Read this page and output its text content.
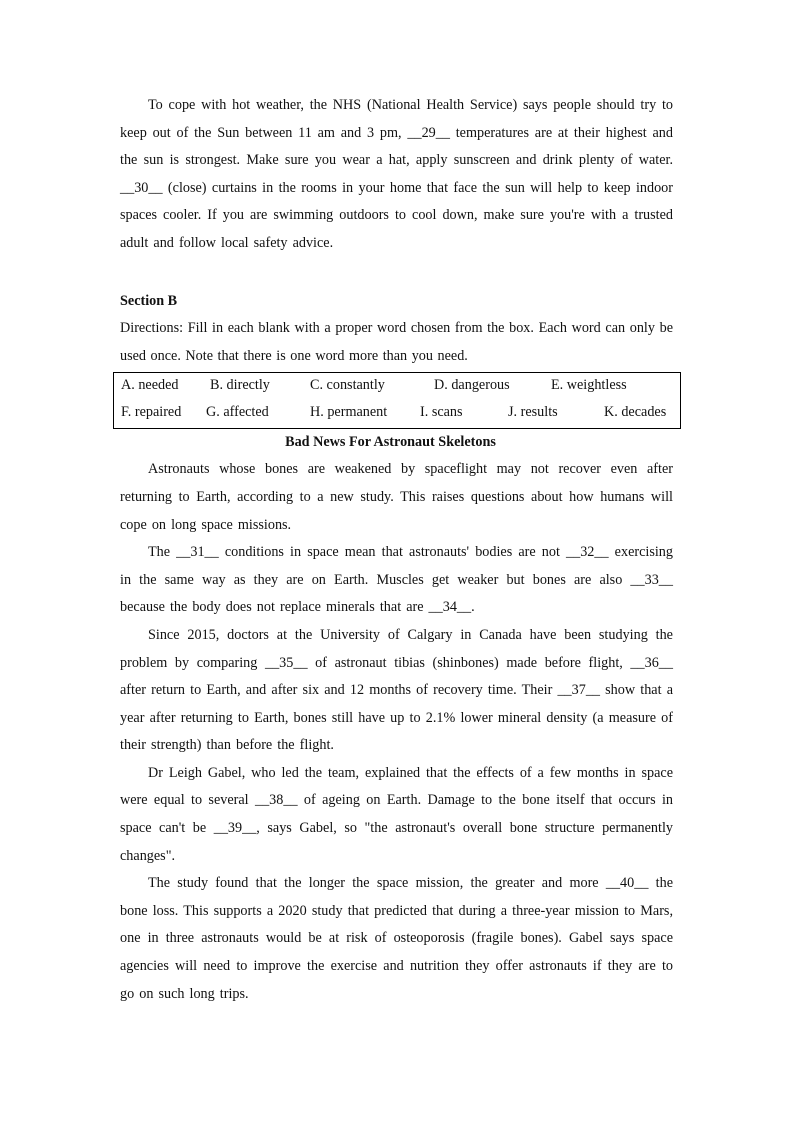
To cope with hot weather, the NHS (National Health Service) says people should try to keep out of the Sun between 11 am and 3 pm, __29__ temperatures are at their highest and the sun is strongest. Make sure you wear a hat, apply sunscreen and drink plenty of water. __30__ (close) curtains in the rooms in your home that face the sun will help to keep indoor spaces cooler. If you are swimming outdoors to cool down, make sure you're with a trusted adult and follow local safety advice.

Section B

Directions: Fill in each blank with a proper word chosen from the box. Each word can only be used once. Note that there is one word more than you need.

A. needed B. directly	C. constantly	D. dangerous	E. weightless
F. repaired G. affected	H. permanent I. scans	J. results	K. decades

Bad News For Astronaut Skeletons

Astronauts whose bones are weakened by spaceflight may not recover even after returning to Earth, according to a new study. This raises questions about how humans will cope on long space missions.

The __31__ conditions in space mean that astronauts' bodies are not __32__ exercising in the same way as they are on Earth. Muscles get weaker but bones are also __33__ because the body does not replace minerals that are __34__.

Since 2015, doctors at the University of Calgary in Canada have been studying the problem by comparing __35__ of astronaut tibias (shinbones) made before flight, __36__ after return to Earth, and after six and 12 months of recovery time. Their __37__ show that a year after returning to Earth, bones still have up to 2.1% lower mineral density (a measure of their strength) than before the flight.

Dr Leigh Gabel, who led the team, explained that the effects of a few months in space were equal to several __38__ of ageing on Earth. Damage to the bone itself that occurs in space can't be __39__, says Gabel, so "the astronaut's overall bone structure permanently changes".

The study found that the longer the space mission, the greater and more __40__ the bone loss. This supports a 2020 study that predicted that during a three-year mission to Mars, one in three astronauts would be at risk of osteoporosis (fragile bones). Gabel says space agencies will need to improve the exercise and nutrition they offer astronauts if they are to go on such long trips.
